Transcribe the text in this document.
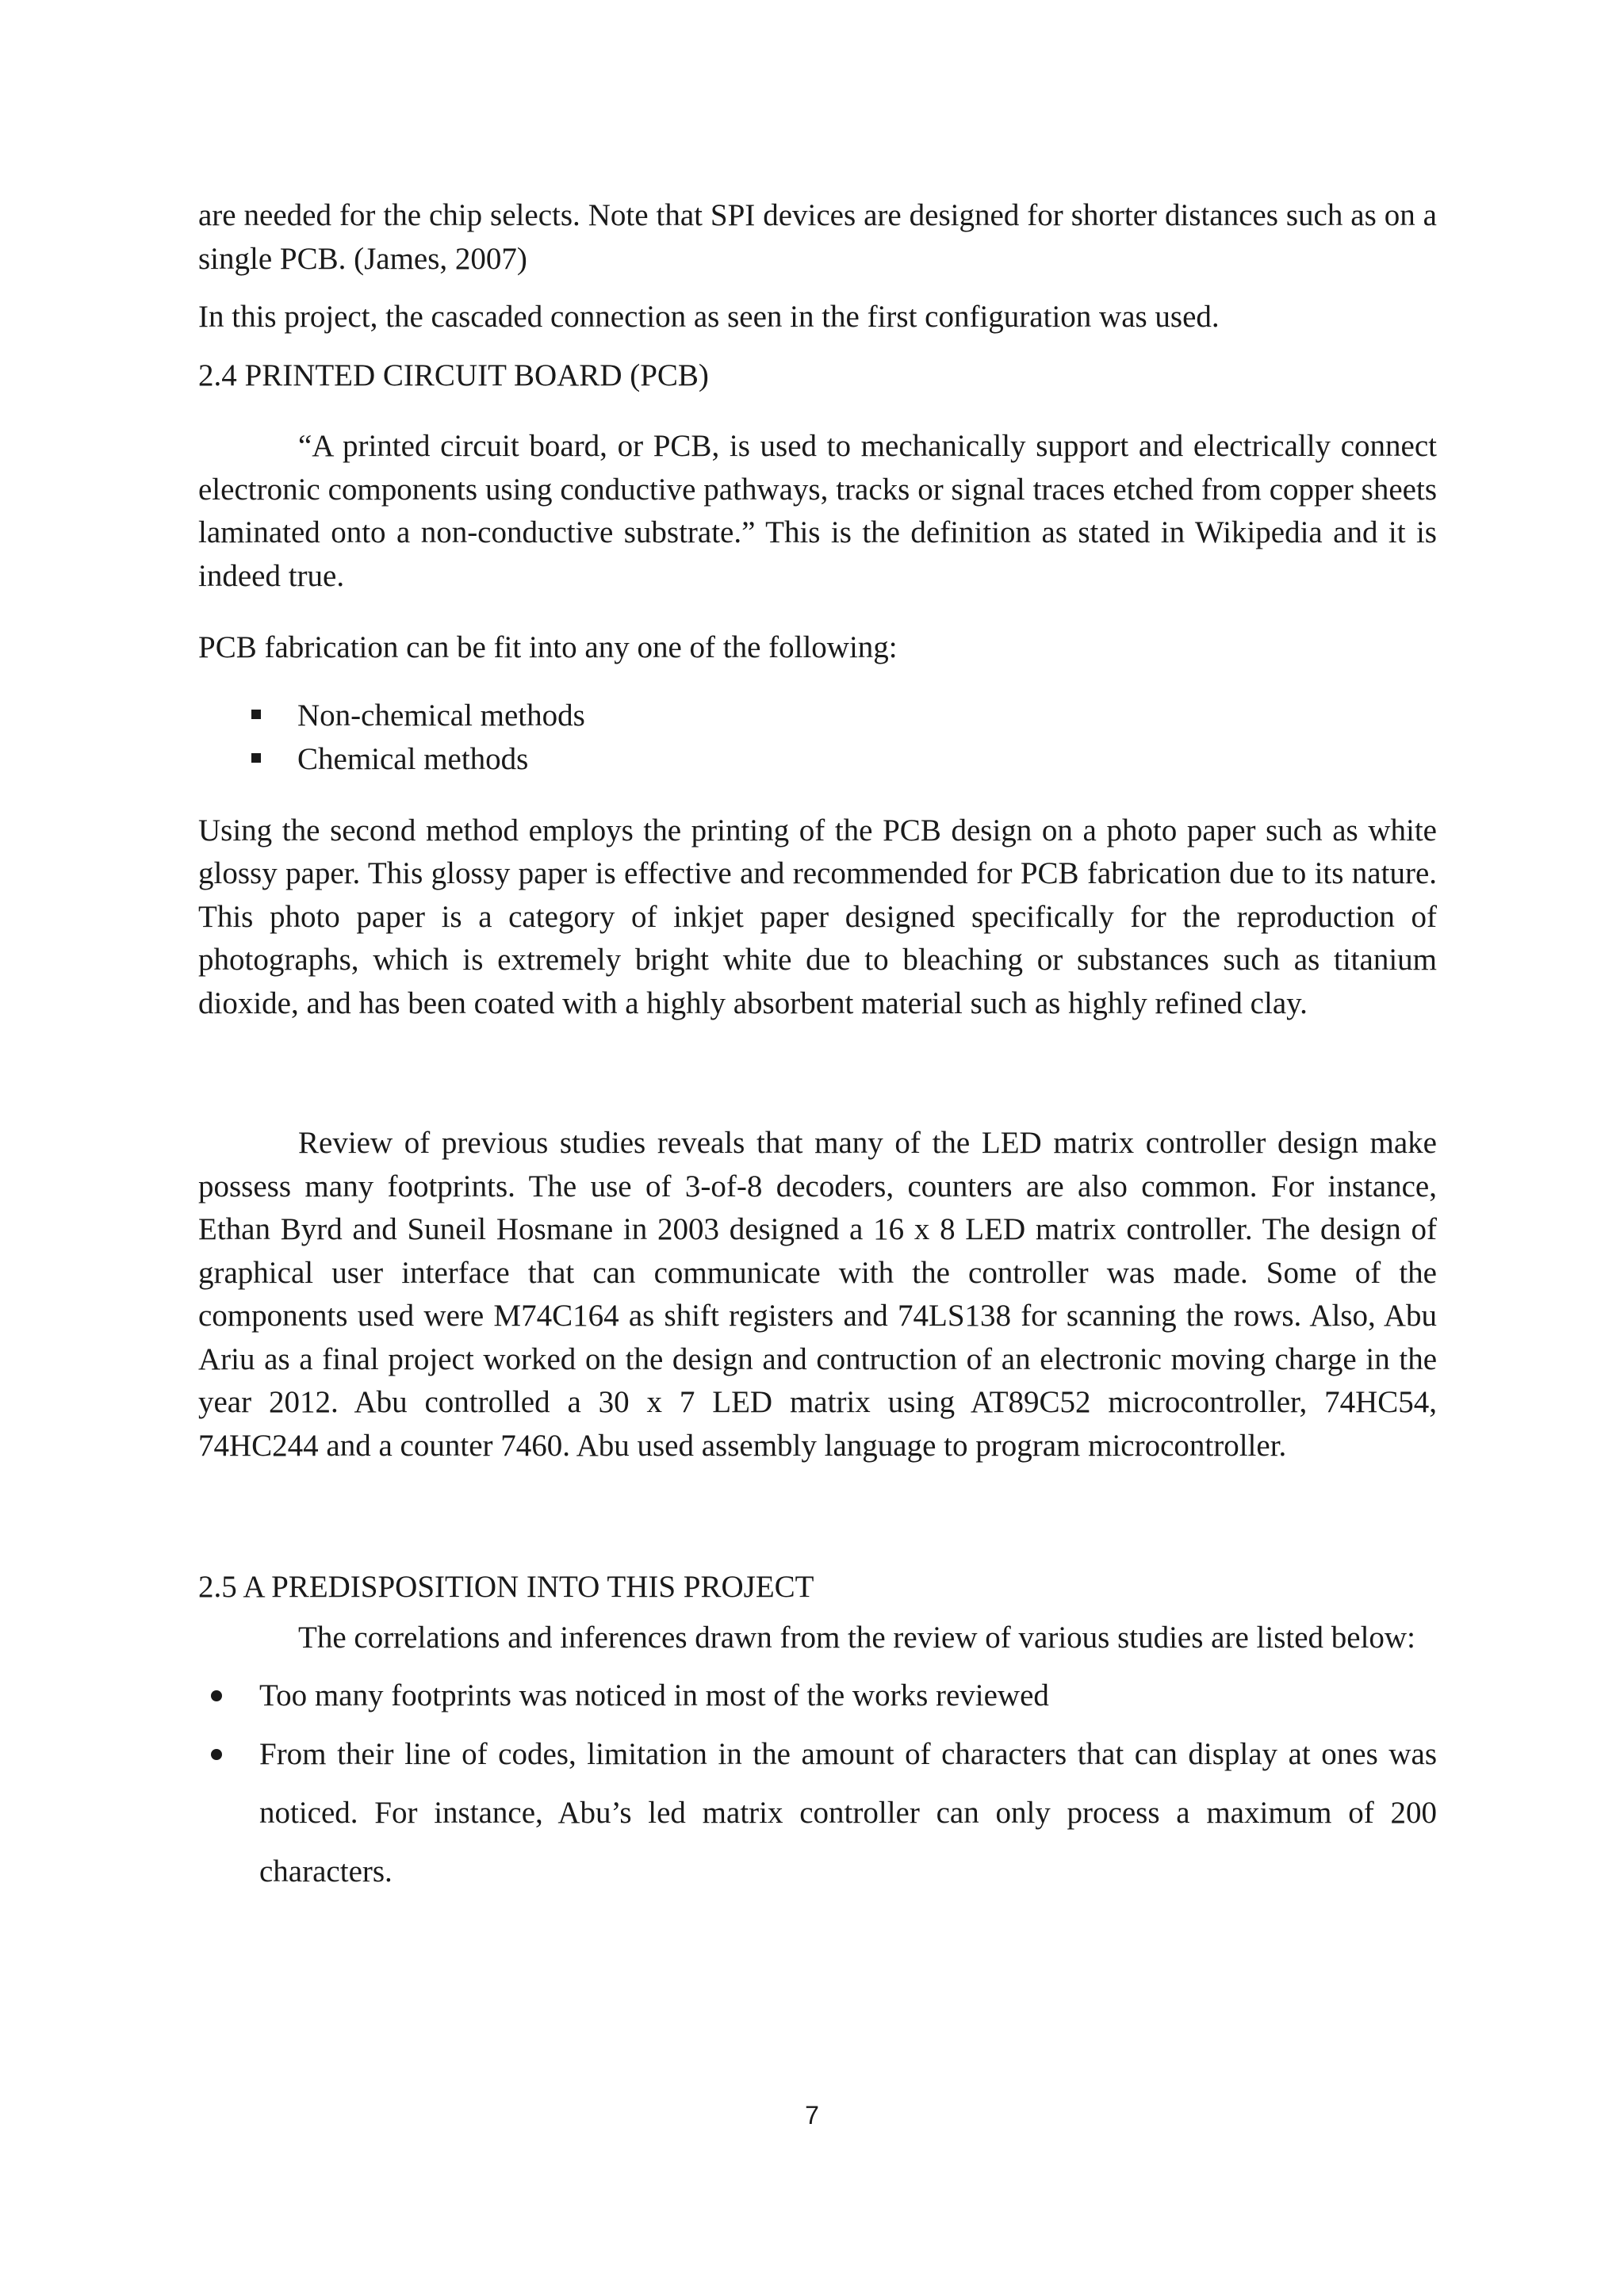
are needed for the chip selects. Note that SPI devices are designed for shorter distances such as on a single PCB. (James, 2007)

In this project, the cascaded connection as seen in the first configuration was used.

2.4 PRINTED CIRCUIT BOARD (PCB)

“A printed circuit board, or PCB, is used to mechanically support and electrically connect electronic components using conductive pathways, tracks or signal traces etched from copper sheets laminated onto a non-conductive substrate.” This is the definition as stated in Wikipedia and it is indeed true.

PCB fabrication can be fit into any one of the following:

Non-chemical methods
Chemical methods

Using the second method employs the printing of the PCB design on a photo paper such as white glossy paper. This glossy paper is effective and recommended for PCB fabrication due to its nature. This photo paper is a category of inkjet paper designed specifically for the reproduction of photographs, which is extremely bright white due to bleaching or substances such as titanium dioxide, and has been coated with a highly absorbent material such as highly refined clay.

Review of previous studies reveals that many of the LED matrix controller design make possess many footprints. The use of 3-of-8 decoders, counters are also common. For instance, Ethan Byrd and Suneil Hosmane in 2003 designed a 16 x 8 LED matrix controller. The design of graphical user interface that can communicate with the controller was made. Some of the components used were M74C164 as shift registers and 74LS138 for scanning the rows. Also, Abu Ariu as a final project worked on the design and contruction of an electronic moving charge in the year 2012. Abu controlled a 30 x 7 LED matrix using AT89C52 microcontroller, 74HC54, 74HC244 and a counter 7460. Abu used assembly language to program microcontroller.

2.5 A PREDISPOSITION INTO THIS PROJECT

The correlations and inferences drawn from the review of various studies are listed below:

Too many footprints was noticed in most of the works reviewed
From their line of codes, limitation in the amount of characters that can display at ones was noticed. For instance, Abu’s led matrix controller can only process a maximum of 200 characters.
7
